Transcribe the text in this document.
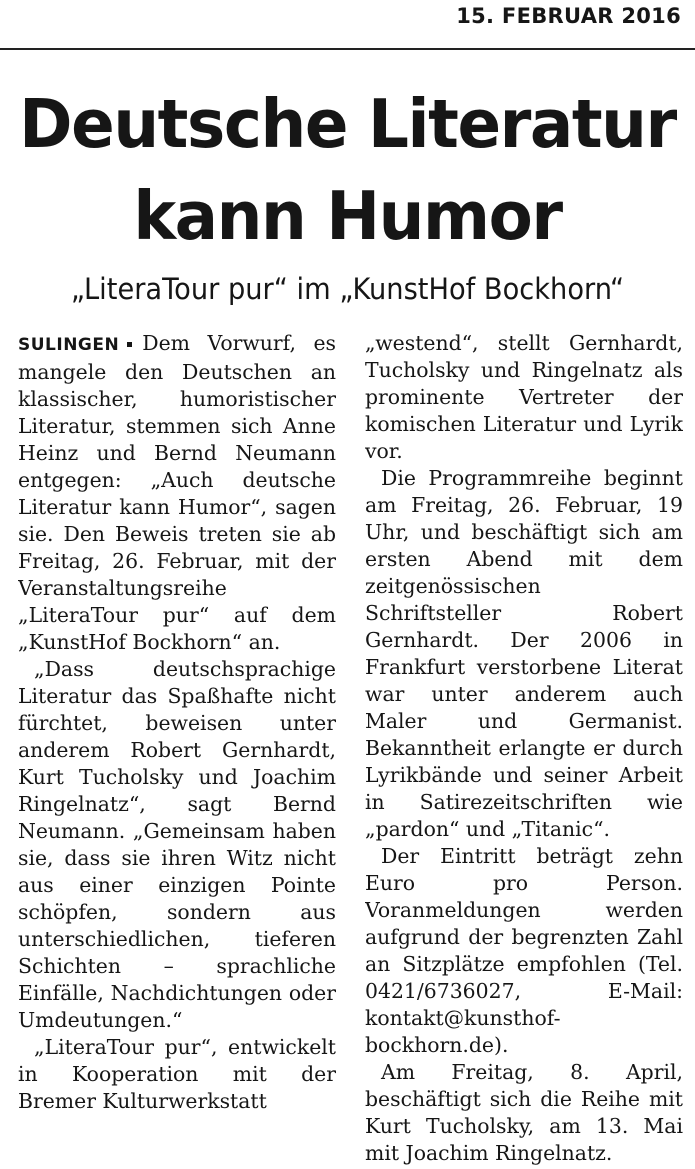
15. FEBRUAR 2016
Deutsche Literatur
kann Humor
„LiteraTour pur“ im „KunstHof Bockhorn“

SULINGEN Dem Vorwurf, es mangele den Deutschen an klassischer, humoristischer Literatur, stemmen sich Anne Heinz und Bernd Neumann entgegen: „Auch deutsche Literatur kann Humor“, sagen sie. Den Beweis treten sie ab Freitag, 26. Februar, mit der Veranstaltungsreihe „LiteraTour pur“ auf dem „KunstHof Bockhorn“ an.

„Dass deutschsprachige Literatur das Spaßhafte nicht fürchtet, beweisen unter anderem Robert Gernhardt, Kurt Tucholsky und Joachim Ringelnatz“, sagt Bernd Neumann. „Gemeinsam haben sie, dass sie ihren Witz nicht aus einer einzigen Pointe schöpfen, sondern aus unterschiedlichen, tieferen Schichten – sprachliche Einfälle, Nachdichtungen oder Umdeutungen.“

„LiteraTour pur“, entwickelt in Kooperation mit der Bremer Kulturwerkstatt

„westend“, stellt Gernhardt, Tucholsky und Ringelnatz als prominente Vertreter der komischen Literatur und Lyrik vor.

Die Programmreihe beginnt am Freitag, 26. Februar, 19 Uhr, und beschäftigt sich am ersten Abend mit dem zeitgenössischen Schriftsteller Robert Gernhardt. Der 2006 in Frankfurt verstorbene Literat war unter anderem auch Maler und Germanist. Bekanntheit erlangte er durch Lyrikbände und seiner Arbeit in Satirezeitschriften wie „pardon“ und „Titanic“.

Der Eintritt beträgt zehn Euro pro Person. Voranmeldungen werden aufgrund der begrenzten Zahl an Sitzplätze empfohlen (Tel. 0421/6736027, E-Mail: kontakt@kunsthof-bockhorn.de).

Am Freitag, 8. April, beschäftigt sich die Reihe mit Kurt Tucholsky, am 13. Mai mit Joachim Ringelnatz.
